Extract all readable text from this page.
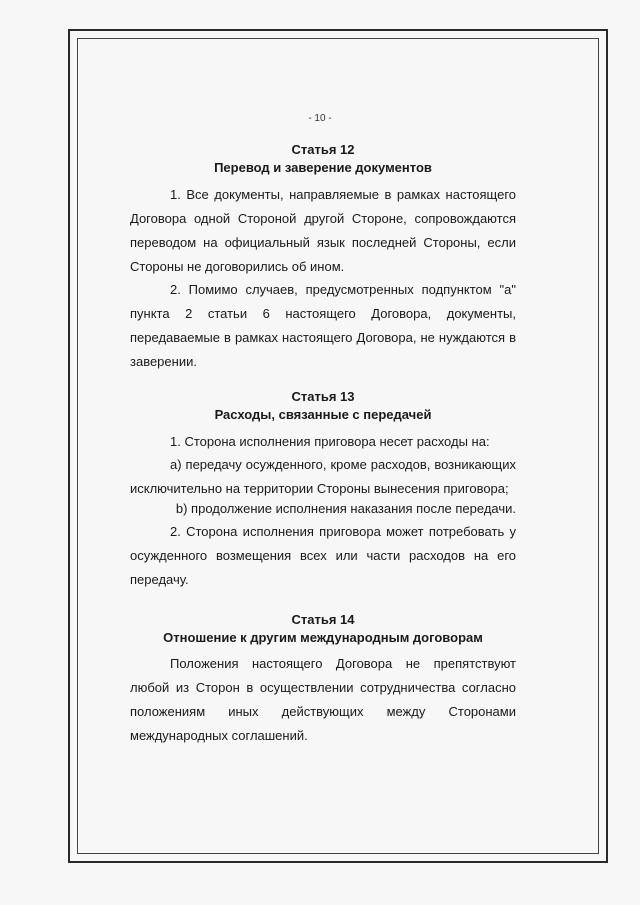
- 10 -
Статья 12
Перевод и заверение документов

1. Все документы, направляемые в рамках настоящего Договора одной Стороной другой Стороне, сопровождаются переводом на официальный язык последней Стороны, если Стороны не договорились об ином.

2. Помимо случаев, предусмотренных подпунктом "а" пункта 2 статьи 6 настоящего Договора, документы, передаваемые в рамках настоящего Договора, не нуждаются в заверении.

Статья 13
Расходы, связанные с передачей

1. Сторона исполнения приговора несет расходы на:

a) передачу осужденного, кроме расходов, возникающих исключительно на территории Стороны вынесения приговора;

b) продолжение исполнения наказания после передачи.

2. Сторона исполнения приговора может потребовать у осужденного возмещения всех или части расходов на его передачу.

Статья 14
Отношение к другим международным договорам

Положения настоящего Договора не препятствуют любой из Сторон в осуществлении сотрудничества согласно положениям иных действующих между Сторонами международных соглашений.
